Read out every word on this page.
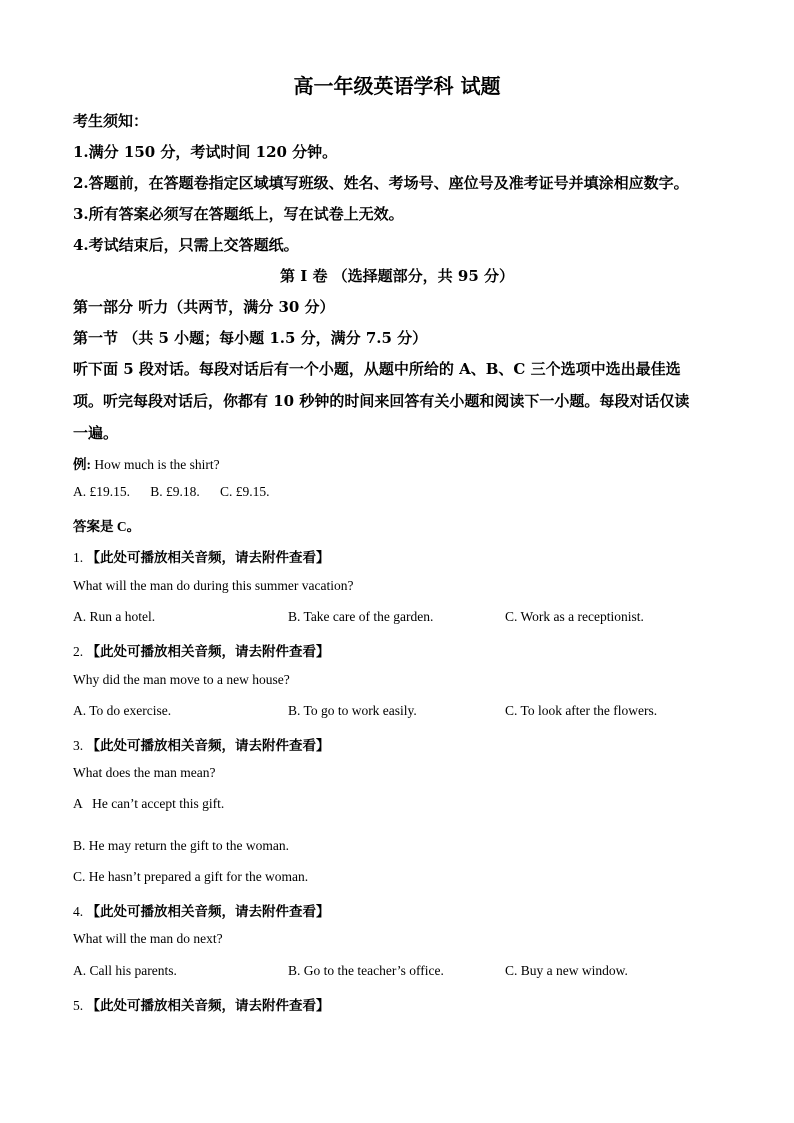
高一年级英语学科 试题
考生须知：
1.满分 150 分，考试时间 120 分钟。
2.答题前，在答题卷指定区域填写班级、姓名、考场号、座位号及准考证号并填涂相应数字。
3.所有答案必须写在答题纸上，写在试卷上无效。
4.考试结束后，只需上交答题纸。
第 I 卷 （选择题部分，共 95 分）
第一部分 听力（共两节，满分 30 分）
第一节 （共 5 小题；每小题 1.5 分，满分 7.5 分）
听下面 5 段对话。每段对话后有一个小题，从题中所给的 A、B、C 三个选项中选出最佳选
项。听完每段对话后，你都有 10 秒钟的时间来回答有关小题和阅读下一小题。每段对话仅读
一遍。
例: How much is the shirt?
A. £19.15.      B. £9.18.      C. £9.15.
答案是 C。
1. 【此处可播放相关音频，请去附件查看】
What will the man do during this summer vacation?
A. Run a hotel.	B. Take care of the garden.	C. Work as a receptionist.
2. 【此处可播放相关音频，请去附件查看】
Why did the man move to a new house?
A. To do exercise.	B. To go to work easily.	C. To look after the flowers.
3. 【此处可播放相关音频，请去附件查看】
What does the man mean?
A   He can’t accept this gift.
B. He may return the gift to the woman.
C. He hasn’t prepared a gift for the woman.
4. 【此处可播放相关音频，请去附件查看】
What will the man do next?
A. Call his parents.	B. Go to the teacher’s office.	C. Buy a new window.
5. 【此处可播放相关音频，请去附件查看】
